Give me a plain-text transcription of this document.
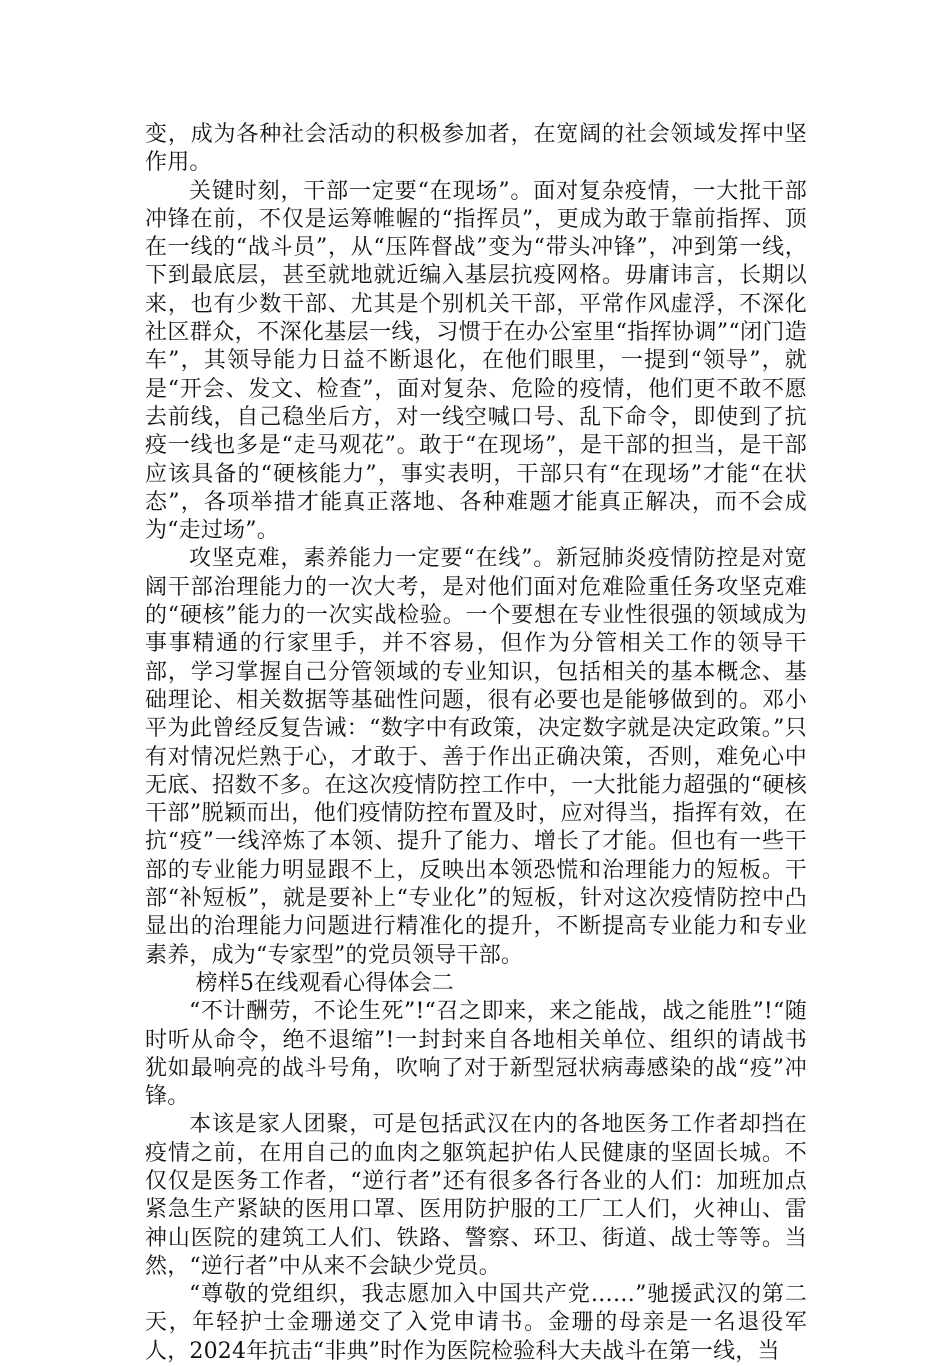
变，成为各种社会活动的积极参加者，在宽阔的社会领域发挥中坚作用。

关键时刻，干部一定要“在现场”。面对复杂疫情，一大批干部冲锋在前，不仅是运筹帷幄的“指挥员”，更成为敢于靠前指挥、顶在一线的“战斗员”，从“压阵督战”变为“带头冲锋”，冲到第一线，下到最底层，甚至就地就近编入基层抗疫网格。毋庸讳言，长期以来，也有少数干部、尤其是个别机关干部，平常作风虚浮，不深化社区群众，不深化基层一线，习惯于在办公室里“指挥协调”“闭门造车”，其领导能力日益不断退化，在他们眼里，一提到“领导”，就是“开会、发文、检查”，面对复杂、危险的疫情，他们更不敢不愿去前线，自己稳坐后方，对一线空喊口号、乱下命令，即使到了抗疫一线也多是“走马观花”。敢于“在现场”，是干部的担当，是干部应该具备的“硬核能力”，事实表明，干部只有“在现场”才能“在状态”，各项举措才能真正落地、各种难题才能真正解决，而不会成为“走过场”。

攻坚克难，素养能力一定要“在线”。新冠肺炎疫情防控是对宽阔干部治理能力的一次大考，是对他们面对危难险重任务攻坚克难的“硬核”能力的一次实战检验。一个要想在专业性很强的领域成为事事精通的行家里手，并不容易，但作为分管相关工作的领导干部，学习掌握自己分管领域的专业知识，包括相关的基本概念、基础理论、相关数据等基础性问题，很有必要也是能够做到的。邓小平为此曾经反复告诫：“数字中有政策，决定数字就是决定政策。”只有对情况烂熟于心，才敢于、善于作出正确决策，否则，难免心中无底、招数不多。在这次疫情防控工作中，一大批能力超强的“硬核干部”脱颖而出，他们疫情防控布置及时，应对得当，指挥有效，在抗“疫”一线淬炼了本领、提升了能力、增长了才能。但也有一些干部的专业能力明显跟不上，反映出本领恐慌和治理能力的短板。干部“补短板”，就是要补上“专业化”的短板，针对这次疫情防控中凸显出的治理能力问题进行精准化的提升，不断提高专业能力和专业素养，成为“专家型”的党员领导干部。

榜样5在线观看心得体会二

“不计酬劳，不论生死”!“召之即来，来之能战，战之能胜”!“随时听从命令，绝不退缩”!一封封来自各地相关单位、组织的请战书犹如最响亮的战斗号角，吹响了对于新型冠状病毒感染的战“疫”冲锋。

本该是家人团聚，可是包括武汉在内的各地医务工作者却挡在疫情之前，在用自己的血肉之躯筑起护佑人民健康的坚固长城。不仅仅是医务工作者，“逆行者”还有很多各行各业的人们：加班加点紧急生产紧缺的医用口罩、医用防护服的工厂工人们，火神山、雷神山医院的建筑工人们、铁路、警察、环卫、街道、战士等等。当然，“逆行者”中从来不会缺少党员。

“尊敬的党组织，我志愿加入中国共产党……”驰援武汉的第二天，年轻护士金珊递交了入党申请书。金珊的母亲是一名退役军人，2024年抗击“非典”时作为医院检验科大夫战斗在第一线，当
